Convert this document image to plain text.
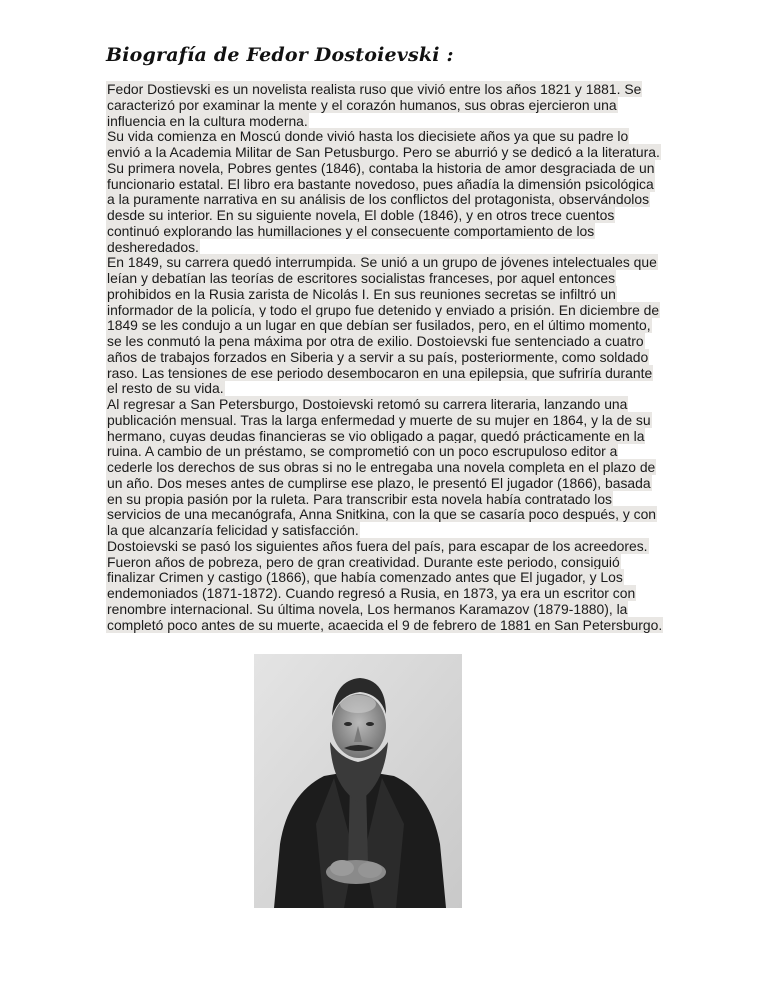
Biografía de Fedor Dostoievski :
Fedor Dostievski es un novelista realista ruso que vivió entre los años 1821 y 1881. Se
caracterizó por examinar la mente y el corazón humanos, sus obras ejercieron una
influencia en la cultura moderna.
Su vida comienza en Moscú donde vivió hasta los diecisiete años ya que su padre lo
envió a la Academia Militar de San Petusburgo. Pero se aburrió y se dedicó a la literatura.
Su primera novela, Pobres gentes (1846), contaba la historia de amor desgraciada de un
funcionario estatal. El libro era bastante novedoso, pues añadía la dimensión psicológica
a la puramente narrativa en su análisis de los conflictos del protagonista, observándolos
desde su interior. En su siguiente novela, El doble (1846), y en otros trece cuentos
continuó explorando las humillaciones y el consecuente comportamiento de los
desheredados.
En 1849, su carrera quedó interrumpida. Se unió a un grupo de jóvenes intelectuales que
leían y debatían las teorías de escritores socialistas franceses, por aquel entonces
prohibidos en la Rusia zarista de Nicolás I. En sus reuniones secretas se infiltró un
informador de la policía, y todo el grupo fue detenido y enviado a prisión. En diciembre de
1849 se les condujo a un lugar en que debían ser fusilados, pero, en el último momento,
se les conmutó la pena máxima por otra de exilio. Dostoievski fue sentenciado a cuatro
años de trabajos forzados en Siberia y a servir a su país, posteriormente, como soldado
raso. Las tensiones de ese periodo desembocaron en una epilepsia, que sufriría durante
el resto de su vida.
Al regresar a San Petersburgo, Dostoievski retomó su carrera literaria, lanzando una
publicación mensual. Tras la larga enfermedad y muerte de su mujer en 1864, y la de su
hermano, cuyas deudas financieras se vio obligado a pagar, quedó prácticamente en la
ruina. A cambio de un préstamo, se comprometió con un poco escrupuloso editor a
cederle los derechos de sus obras si no le entregaba una novela completa en el plazo de
un año. Dos meses antes de cumplirse ese plazo, le presentó El jugador (1866), basada
en su propia pasión por la ruleta. Para transcribir esta novela había contratado los
servicios de una mecanógrafa, Anna Snitkina, con la que se casaría poco después, y con
la que alcanzaría felicidad y satisfacción.
Dostoievski se pasó los siguientes años fuera del país, para escapar de los acreedores.
Fueron años de pobreza, pero de gran creatividad. Durante este periodo, consiguió
finalizar Crimen y castigo (1866), que había comenzado antes que El jugador, y Los
endemoniados (1871-1872). Cuando regresó a Rusia, en 1873, ya era un escritor con
renombre internacional. Su última novela, Los hermanos Karamazov (1879-1880), la
completó poco antes de su muerte, acaecida el 9 de febrero de 1881 en San Petersburgo.
